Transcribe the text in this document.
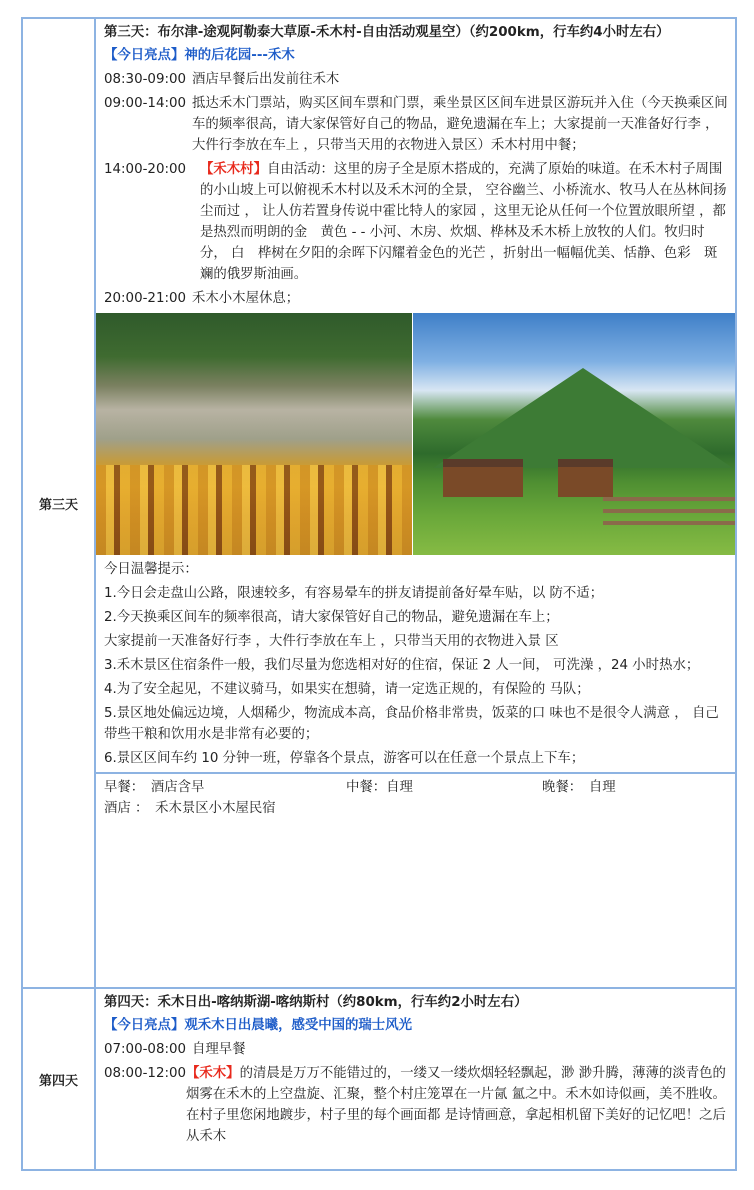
第三天
第三天：布尔津-途观阿勒泰大草原-禾木村-自由活动观星空）（约200km，行车约4小时左右）
【今日亮点】神的后花园---禾木
08:30-09:00 酒店早餐后出发前往禾木
09:00-14:00 抵达禾木门票站，购买区间车票和门票，乘坐景区区间车进景区游玩并入住（今天换乘区间车的频率很高，请大家保管好自己的物品，避免遗漏在车上；大家提前一天准备好行李 ，大件行李放在车上 ，只带当天用的衣物进入景区）禾木村用中餐；
14:00-20:00 【禾木村】自由活动：这里的房子全是原木搭成的，充满了原始的味道。在禾木村子周围的小山坡上可以俯视禾木村以及禾木河的全景， 空谷幽兰、小桥流水、牧马人在丛林间扬尘而过 ， 让人仿若置身传说中霍比特人的家园 ，这里无论从任何一个位置放眼所望 ，都是热烈而明朗的金　黄色 - - 小河、木房、炊烟、桦林及禾木桥上放牧的人们。牧归时分， 白　桦树在夕阳的余晖下闪耀着金色的光芒 ，折射出一幅幅优美、恬静、色彩　斑斓的俄罗斯油画。
20:00-21:00 禾木小木屋休息；

今日温馨提示：

1.今日会走盘山公路，限速较多，有容易晕车的拼友请提前备好晕车贴，以 防不适；

2.今天换乘区间车的频率很高，请大家保管好自己的物品，避免遗漏在车上；

大家提前一天准备好行李 ，大件行李放在车上 ，只带当天用的衣物进入景 区

3.禾木景区住宿条件一般，我们尽量为您选相对好的住宿，保证 2 人一间， 可洗澡 ，24 小时热水；

4.为了安全起见，不建议骑马，如果实在想骑，请一定选正规的，有保险的 马队；

5.景区地处偏远边境，人烟稀少，物流成本高，食品价格非常贵，饭菜的口 味也不是很令人满意 ， 自己带些干粮和饮用水是非常有必要的；

6.景区区间车约 10 分钟一班，停靠各个景点，游客可以在任意一个景点上下车；

早餐：　酒店含早	中餐：自理	晚餐：　自理
酒店 ：　禾木景区小木屋民宿
第四天
第四天：禾木日出-喀纳斯湖-喀纳斯村（约80km，行车约2小时左右）
【今日亮点】观禾木日出晨曦，感受中国的瑞士风光
07:00-08:00 自理早餐
08:00-12:00 【禾木】的清晨是万万不能错过的，一缕又一缕炊烟轻轻飘起，渺 渺升腾，薄薄的淡青色的烟雾在禾木的上空盘旋、汇聚，整个村庄笼罩在一片氤 氳之中。禾木如诗似画，美不胜收。在村子里您闲地踱步，村子里的每个画面都 是诗情画意，拿起相机留下美好的记忆吧！之后从禾木
